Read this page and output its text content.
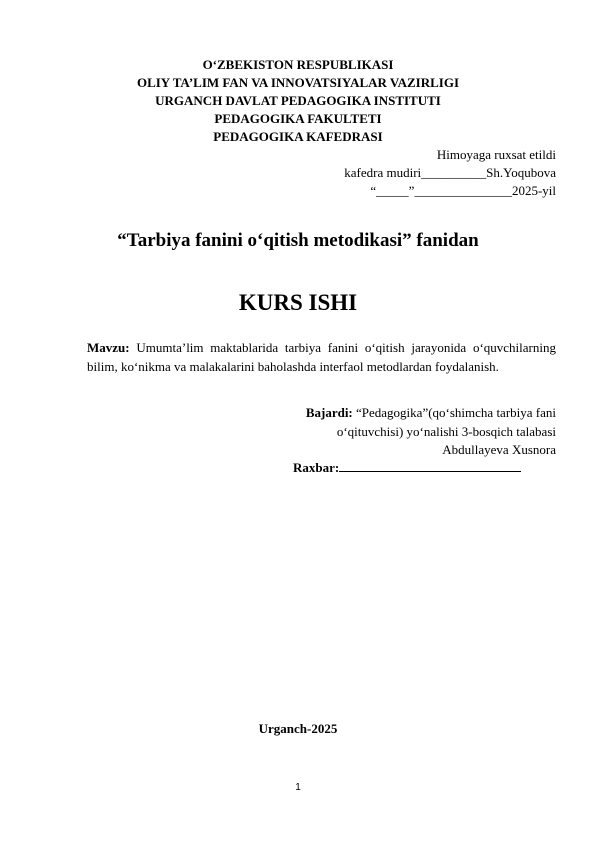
O‘ZBEKISTON RESPUBLIKASI
OLIY TA’LIM FAN VA INNOVATSIYALAR VAZIRLIGI
URGANCH DAVLAT PEDAGOGIKA INSTITUTI
PEDAGOGIKA FAKULTETI
PEDAGOGIKA KAFEDRASI
Himoyaga ruxsat etildi
kafedra mudiri__________Sh.Yoqubova
“_____”_______________2025-yil
“Tarbiya fanini o‘qitish metodikasi” fanidan
KURS ISHI
Mavzu: Umumta’lim maktablarida tarbiya fanini o‘qitish jarayonida o‘quvchilarning bilim, ko‘nikma va malakalarini baholashda interfaol metodlardan foydalanish.
Bajardi: “Pedagogika”(qo‘shimcha tarbiya fani
o‘qituvchisi) yo‘nalishi 3-bosqich talabasi
Abdullayeva Xusnora
Raxbar:
Urganch-2025
1
